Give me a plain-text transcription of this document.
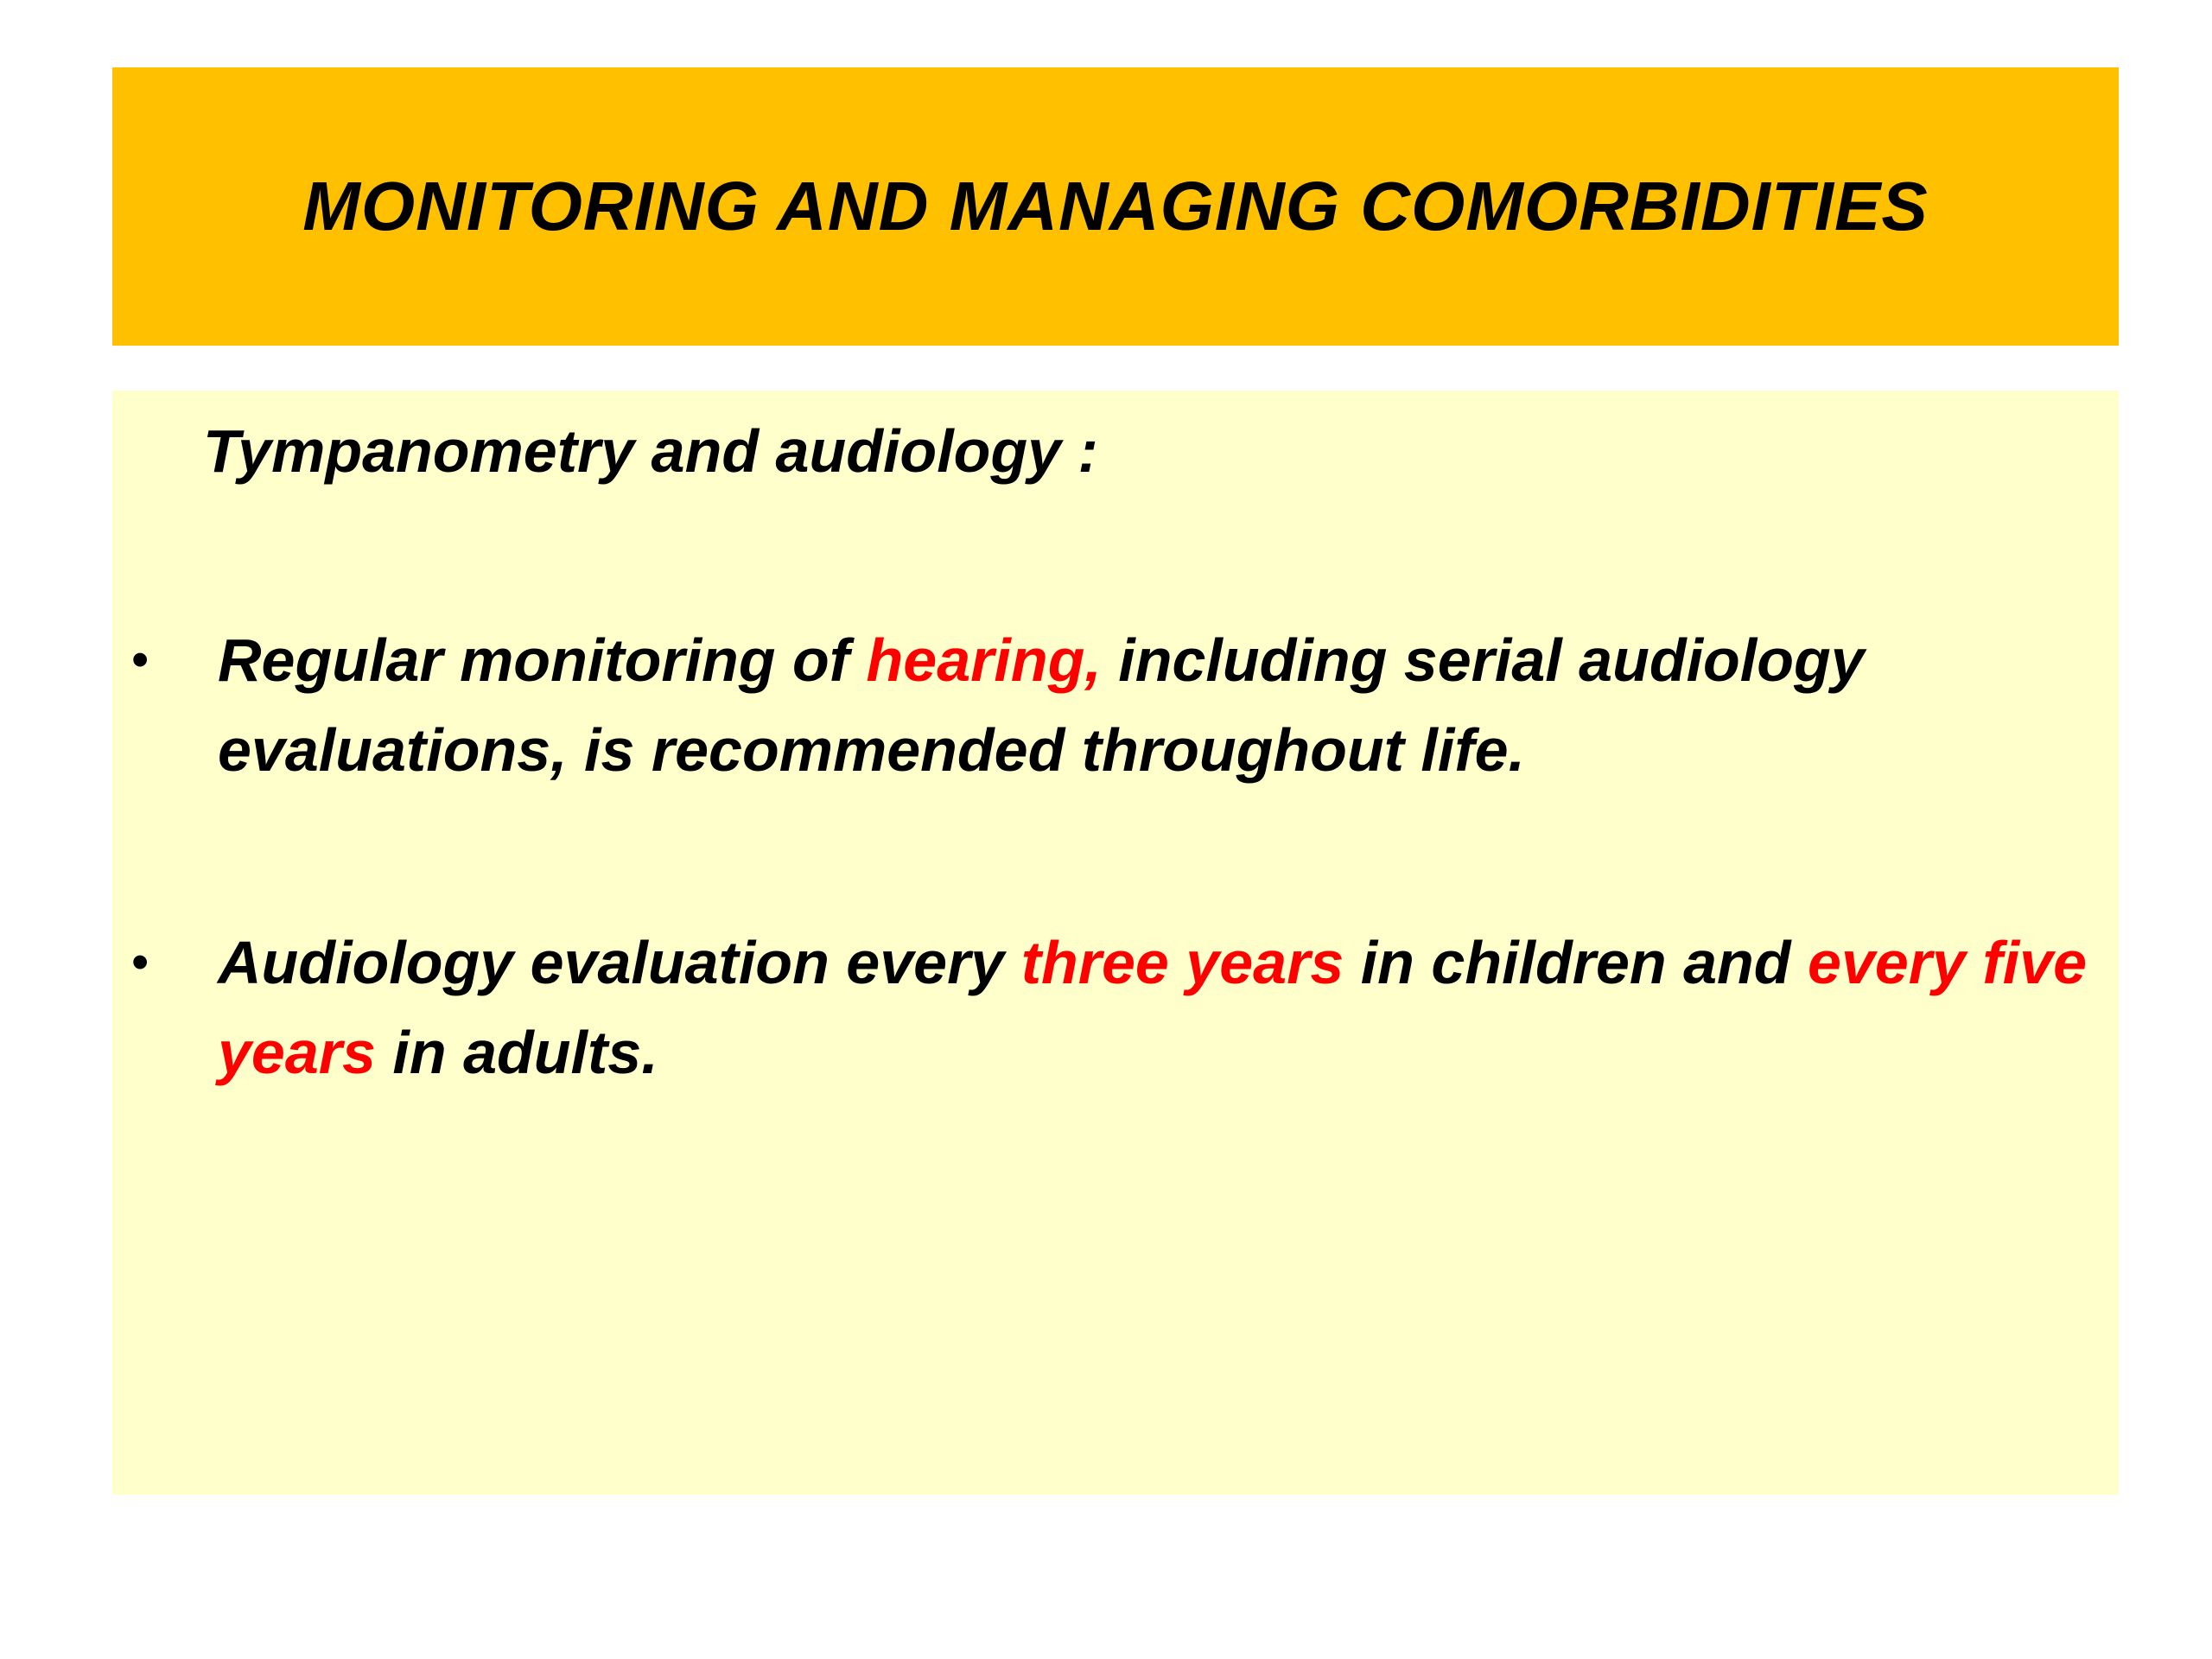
MONITORING AND MANAGING COMORBIDITIES
Tympanometry and audiology :
• Regular monitoring of hearing, including serial audiology evaluations, is recommended throughout life.
• Audiology evaluation every three years in children and every five years in adults.
